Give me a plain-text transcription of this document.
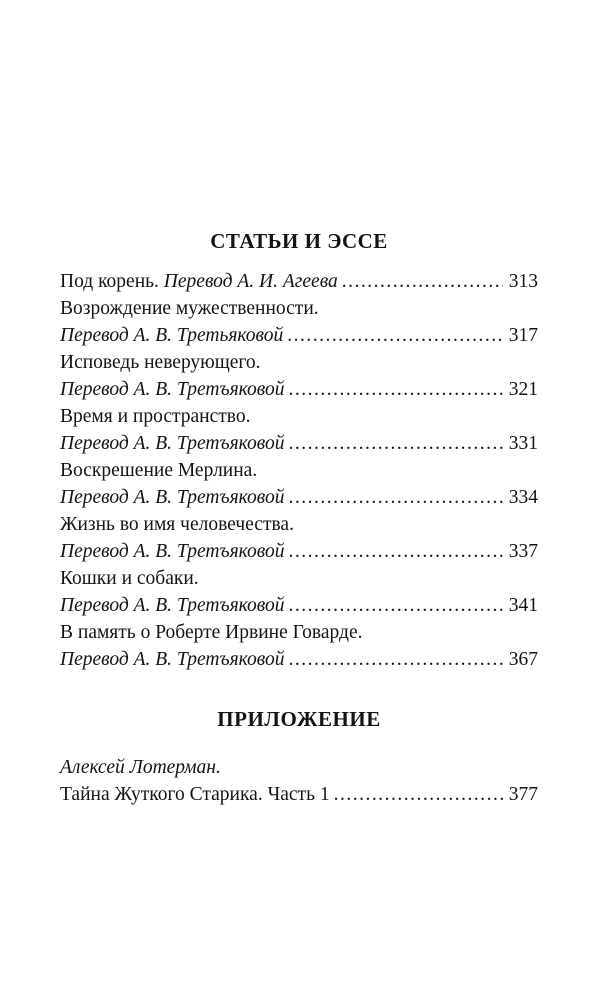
СТАТЬИ И ЭССЕ
Под корень. Перевод А. И. Агеева .....	313
Возрождение мужественности.
Перевод А. В. Третьяковой .....	317
Исповедь неверующего.
Перевод А. В. Третъяковой .....	321
Время и пространство.
Перевод А. В. Третъяковой .....	331
Воскрешение Мерлина.
Перевод А. В. Третъяковой .....	334
Жизнь во имя человечества.
Перевод А. В. Третъяковой .....	337
Кошки и собаки.
Перевод А. В. Третъяковой .....	341
В память о Роберте Ирвине Говарде.
Перевод А. В. Третъяковой .....	367
ПРИЛОЖЕНИЕ
Алексей Лотерман.
Тайна Жуткого Старика. Часть 1 .....	377
